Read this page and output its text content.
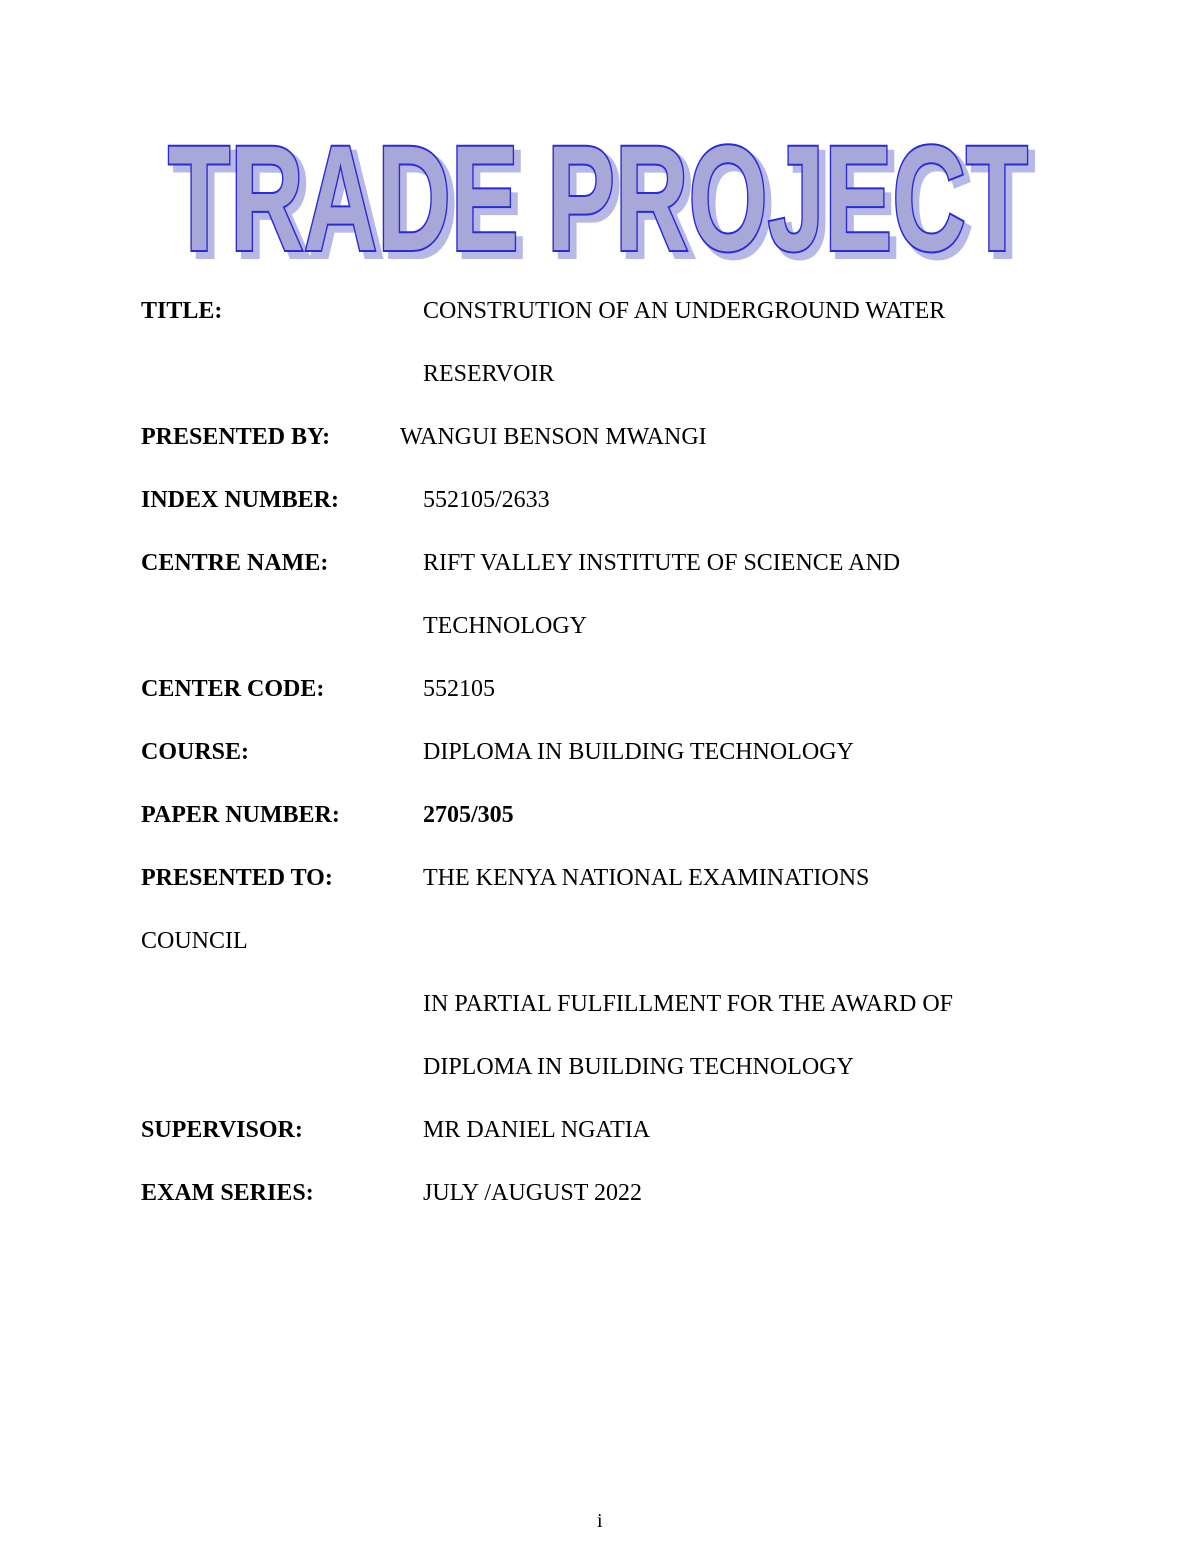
TRADE PROJECT
TRADE PROJECT
TITLE:	CONSTRUTION OF AN UNDERGROUND WATER
RESERVOIR
PRESENTED BY:	WANGUI BENSON MWANGI
INDEX NUMBER:	552105/2633
CENTRE NAME:	RIFT VALLEY INSTITUTE OF SCIENCE AND
TECHNOLOGY
CENTER CODE:	552105
COURSE:	DIPLOMA IN BUILDING TECHNOLOGY
PAPER NUMBER:	2705/305
PRESENTED TO:	THE KENYA NATIONAL EXAMINATIONS
COUNCIL
IN PARTIAL FULFILLMENT FOR THE AWARD OF
DIPLOMA IN BUILDING TECHNOLOGY
SUPERVISOR:	MR DANIEL NGATIA
EXAM SERIES:	JULY /AUGUST 2022
i
